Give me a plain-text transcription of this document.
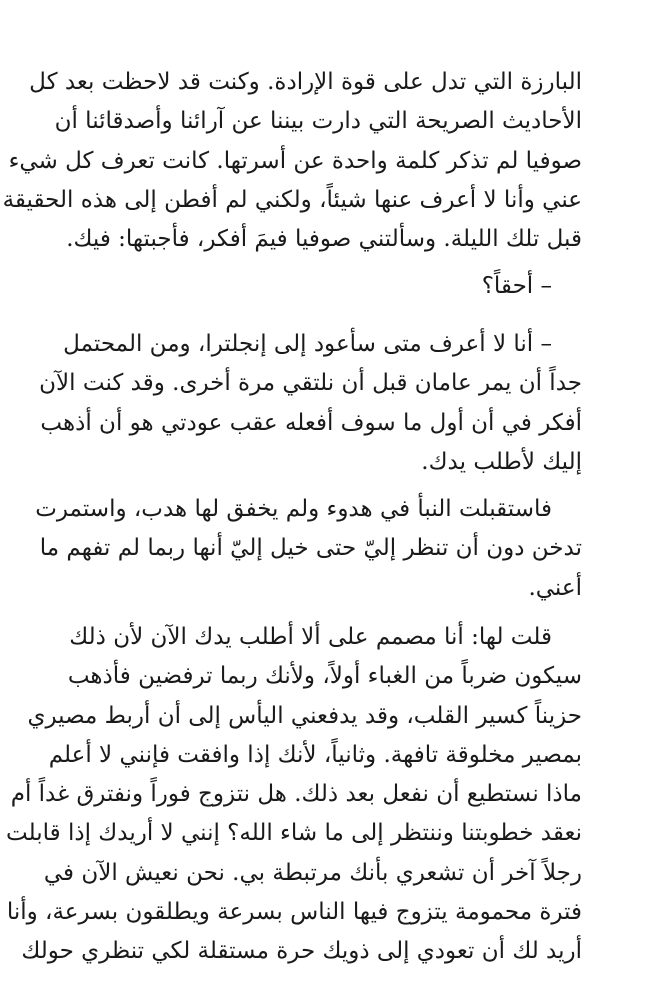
البارزة التي تدل على قوة الإرادة. وكنت قد لاحظت بعد كل
الأحاديث الصريحة التي دارت بيننا عن آرائنا وأصدقائنا أن
صوفيا لم تذكر كلمة واحدة عن أسرتها. كانت تعرف كل شيء
عني وأنا لا أعرف عنها شيئاً، ولكني لم أفطن إلى هذه الحقيقة
قبل تلك الليلة. وسألتني صوفيا فيمَ أفكر، فأجبتها: فيك.
– أحقاً؟
– أنا لا أعرف متى سأعود إلى إنجلترا، ومن المحتمل
جداً أن يمر عامان قبل أن نلتقي مرة أخرى. وقد كنت الآن
أفكر في أن أول ما سوف أفعله عقب عودتي هو أن أذهب
إليك لأطلب يدك.
فاستقبلت النبأ في هدوء ولم يخفق لها هدب، واستمرت
تدخن دون أن تنظر إليّ حتى خيل إليّ أنها ربما لم تفهم ما
أعني.
قلت لها: أنا مصمم على ألا أطلب يدك الآن لأن ذلك
سيكون ضرباً من الغباء أولاً، ولأنك ربما ترفضين فأذهب
حزيناً كسير القلب، وقد يدفعني اليأس إلى أن أربط مصيري
بمصير مخلوقة تافهة. وثانياً، لأنك إذا وافقت فإنني لا أعلم
ماذا نستطيع أن نفعل بعد ذلك. هل نتزوج فوراً ونفترق غداً أم
نعقد خطوبتنا وننتظر إلى ما شاء الله؟ إنني لا أريدك إذا قابلت
رجلاً آخر أن تشعري بأنك مرتبطة بي. نحن نعيش الآن في
فترة محمومة يتزوج فيها الناس بسرعة ويطلقون بسرعة، وأنا
أريد لك أن تعودي إلى ذويك حرة مستقلة لكي تنظري حولك
